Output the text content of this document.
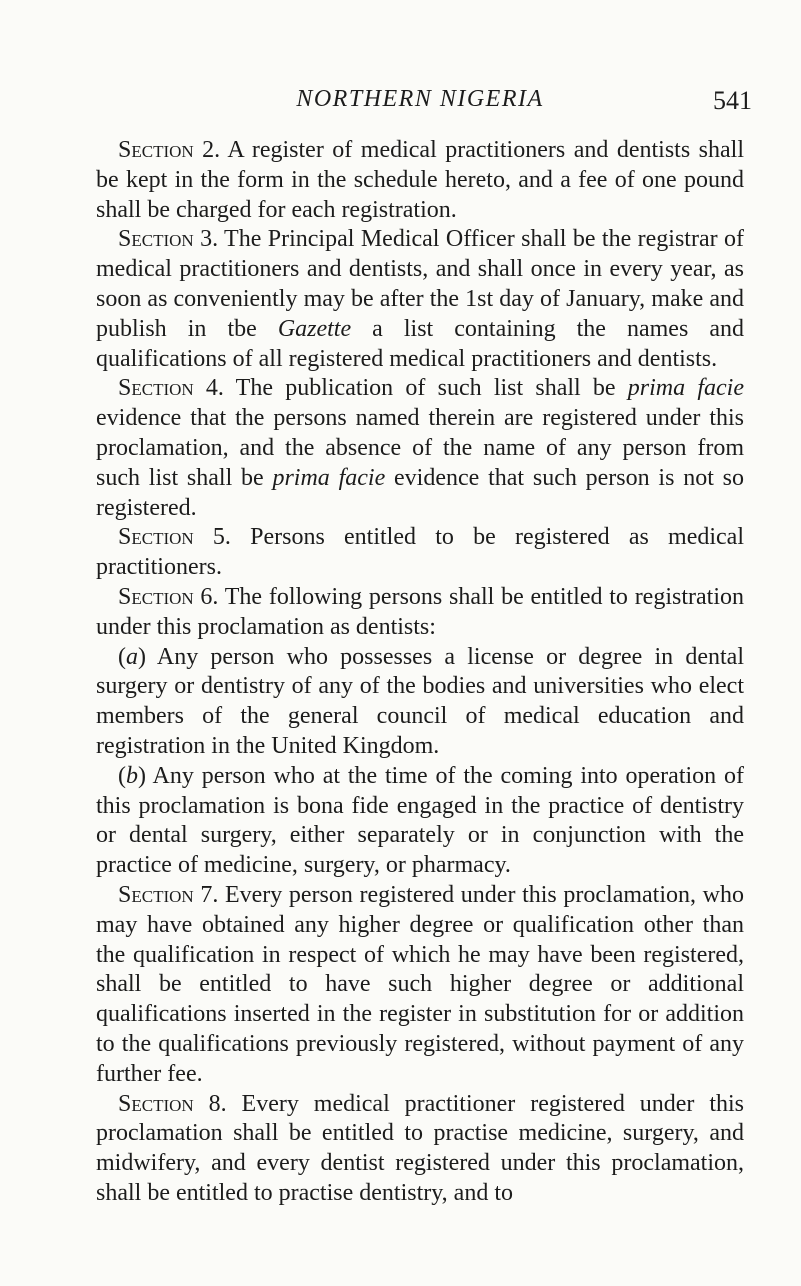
NORTHERN NIGERIA	541

Section 2. A register of medical practitioners and dentists shall be kept in the form in the schedule hereto, and a fee of one pound shall be charged for each registration.

Section 3. The Principal Medical Officer shall be the registrar of medical practitioners and dentists, and shall once in every year, as soon as conveniently may be after the 1st day of January, make and publish in tbe Gazette a list containing the names and qualifications of all registered medical practitioners and dentists.

Section 4. The publication of such list shall be prima facie evidence that the persons named therein are registered under this proclamation, and the absence of the name of any person from such list shall be prima facie evidence that such person is not so registered.

Section 5. Persons entitled to be registered as medical practitioners.

Section 6. The following persons shall be entitled to registration under this proclamation as dentists:

(a) Any person who possesses a license or degree in dental surgery or dentistry of any of the bodies and universities who elect members of the general council of medical education and registration in the United Kingdom.

(b) Any person who at the time of the coming into operation of this proclamation is bona fide engaged in the practice of dentistry or dental surgery, either separately or in conjunction with the practice of medicine, surgery, or pharmacy.

Section 7. Every person registered under this proclamation, who may have obtained any higher degree or qualification other than the qualification in respect of which he may have been registered, shall be entitled to have such higher degree or additional qualifications inserted in the register in substitution for or addition to the qualifications previously registered, without payment of any further fee.

Section 8. Every medical practitioner registered under this proclamation shall be entitled to practise medicine, surgery, and midwifery, and every dentist registered under this proclamation, shall be entitled to practise dentistry, and to
